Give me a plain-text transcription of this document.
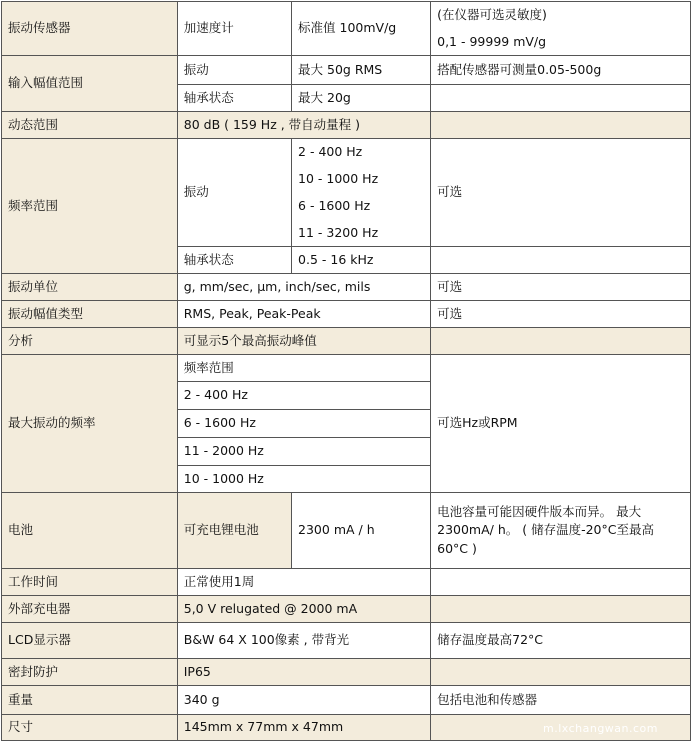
振动传感器	加速度计	标准值 100mV/g	(在仪器可选灵敏度)
0,1 - 99999 mV/g

输入幅值范围	振动	最大 50g RMS	搭配传感器可测量0.05-500g
	轴承状态	最大 20g	
动态范围	80 dB ( 159 Hz , 带自动量程 )		
频率范围	振动	2 - 400 Hz	可选
		10 - 1000 Hz	
		6 - 1600 Hz	
		11 - 3200 Hz	
	轴承状态	0.5 - 16 kHz	
振动单位	g, mm/sec, μm, inch/sec, mils		可选
振动幅值类型	RMS, Peak, Peak-Peak		可选
分析	可显示5个最高振动峰值		
最大振动的频率	频率范围		可选Hz或RPM
	2 - 400 Hz		
	6 - 1600 Hz		
	11 - 2000 Hz		
	10 - 1000 Hz		
电池	可充电锂电池	2300 mA / h	电池容量可能因硬件版本而异。 最大
2300mA/ h。 ( 储存温度-20°C至最高
60°C )

工作时间	正常使用1周		
外部充电器	5,0 V relugated @ 2000 mA		
LCD显示器	B&W 64 X 100像素 , 带背光		储存温度最高72°C
密封防护	IP65		
重量	340 g		包括电池和传感器
尺寸	145mm x 77mm x 47mm			m.lxchangwan.com
